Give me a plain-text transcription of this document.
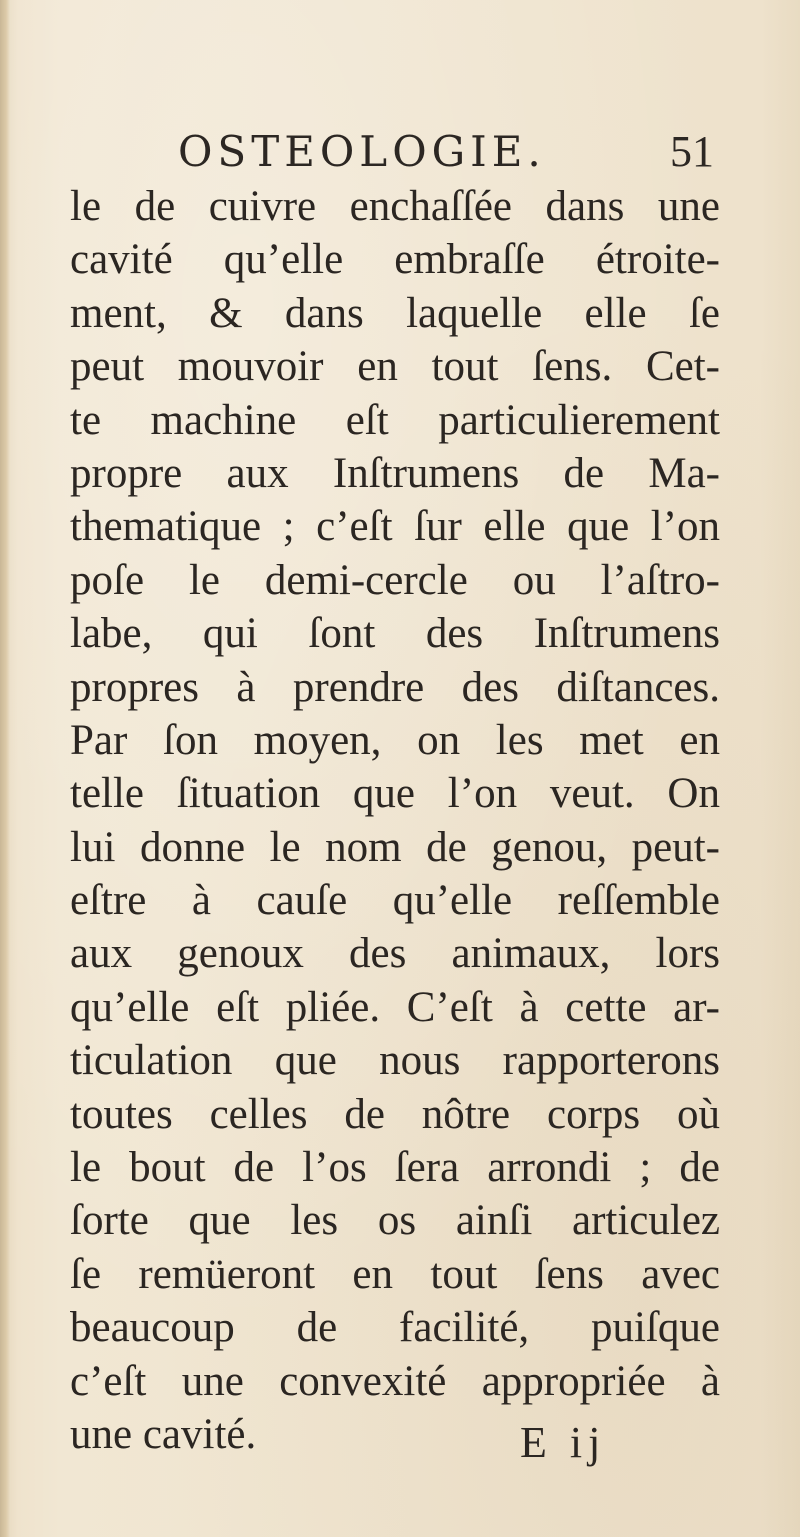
OSTEOLOGIE.	51
le de cuivre enchaſſée dans une
cavité qu’elle embraſſe étroite-
ment, & dans laquelle elle ſe
peut mouvoir en tout ſens. Cet-
te machine eſt particulierement
propre aux Inſtrumens de Ma-
thematique ; c’eſt ſur elle que l’on
poſe le demi-cercle ou l’aſtro-
labe, qui ſont des Inſtrumens
propres à prendre des diſtances.
Par ſon moyen, on les met en
telle ſituation que l’on veut. On
lui donne le nom de genou, peut-
eſtre à cauſe qu’elle reſſemble
aux genoux des animaux, lors
qu’elle eſt pliée. C’eſt à cette ar-
ticulation que nous rapporterons
toutes celles de nôtre corps où
le bout de l’os ſera arrondi ; de
ſorte que les os ainſi articulez
ſe remüeront en tout ſens avec
beaucoup de facilité, puiſque
c’eſt une convexité appropriée à
une cavité.	E ij
